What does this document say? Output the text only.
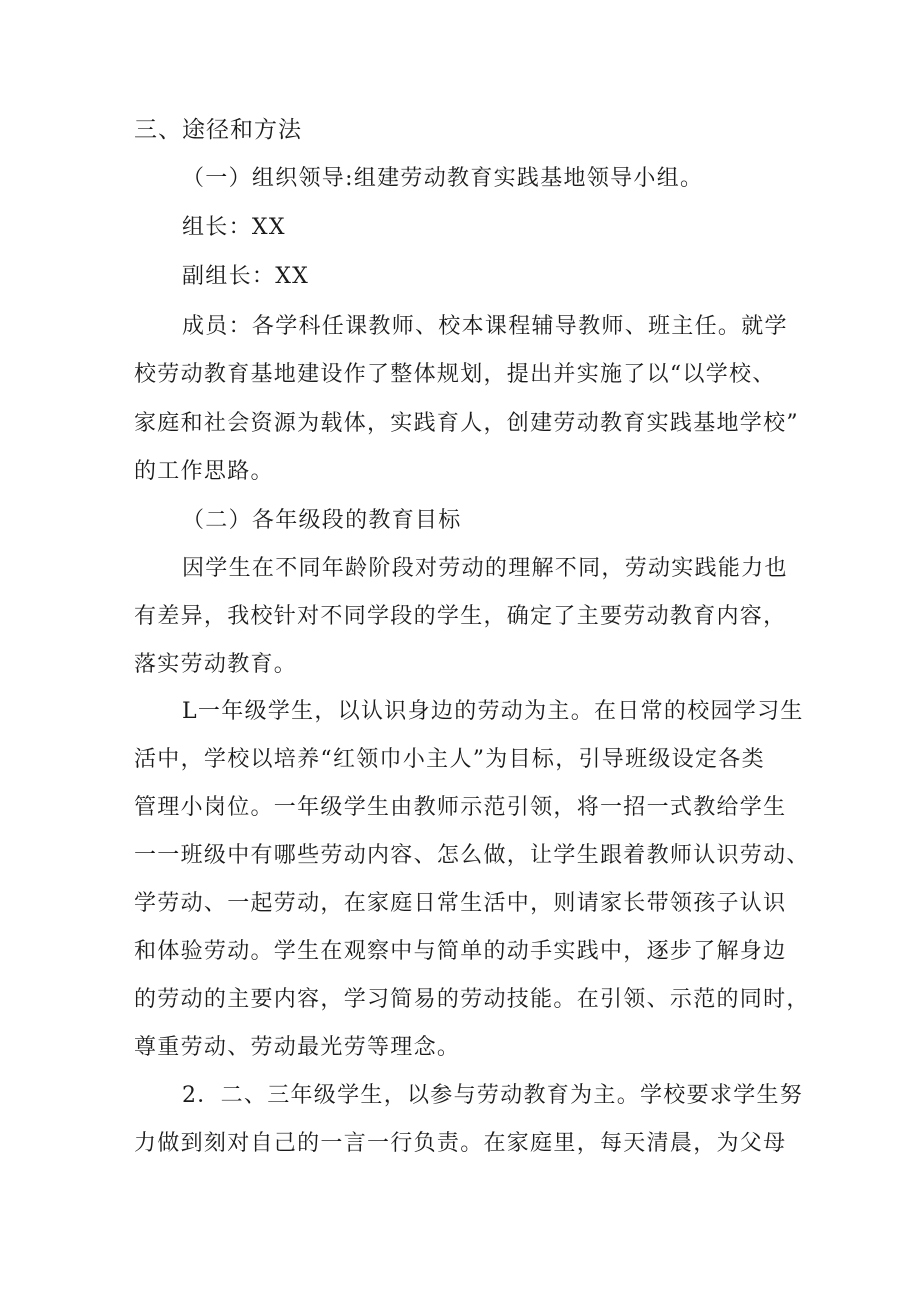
三、途径和方法
（一）组织领导:组建劳动教育实践基地领导小组。
组长：XX
副组长：XX
成员：各学科任课教师、校本课程辅导教师、班主任。就学
校劳动教育基地建设作了整体规划，提出并实施了以“以学校、
家庭和社会资源为载体，实践育人，创建劳动教育实践基地学校”
的工作思路。
（二）各年级段的教育目标
因学生在不同年龄阶段对劳动的理解不同，劳动实践能力也
有差异，我校针对不同学段的学生，确定了主要劳动教育内容，
落实劳动教育。
L一年级学生，以认识身边的劳动为主。在日常的校园学习生
活中，学校以培养“红领巾小主人”为目标，引导班级设定各类
管理小岗位。一年级学生由教师示范引领，将一招一式教给学生
一一班级中有哪些劳动内容、怎么做，让学生跟着教师认识劳动、
学劳动、一起劳动，在家庭日常生活中，则请家长带领孩子认识
和体验劳动。学生在观察中与简单的动手实践中，逐步了解身边
的劳动的主要内容，学习简易的劳动技能。在引领、示范的同时，
尊重劳动、劳动最光劳等理念。
2．二、三年级学生，以参与劳动教育为主。学校要求学生努
力做到刻对自己的一言一行负责。在家庭里，每天清晨，为父母
